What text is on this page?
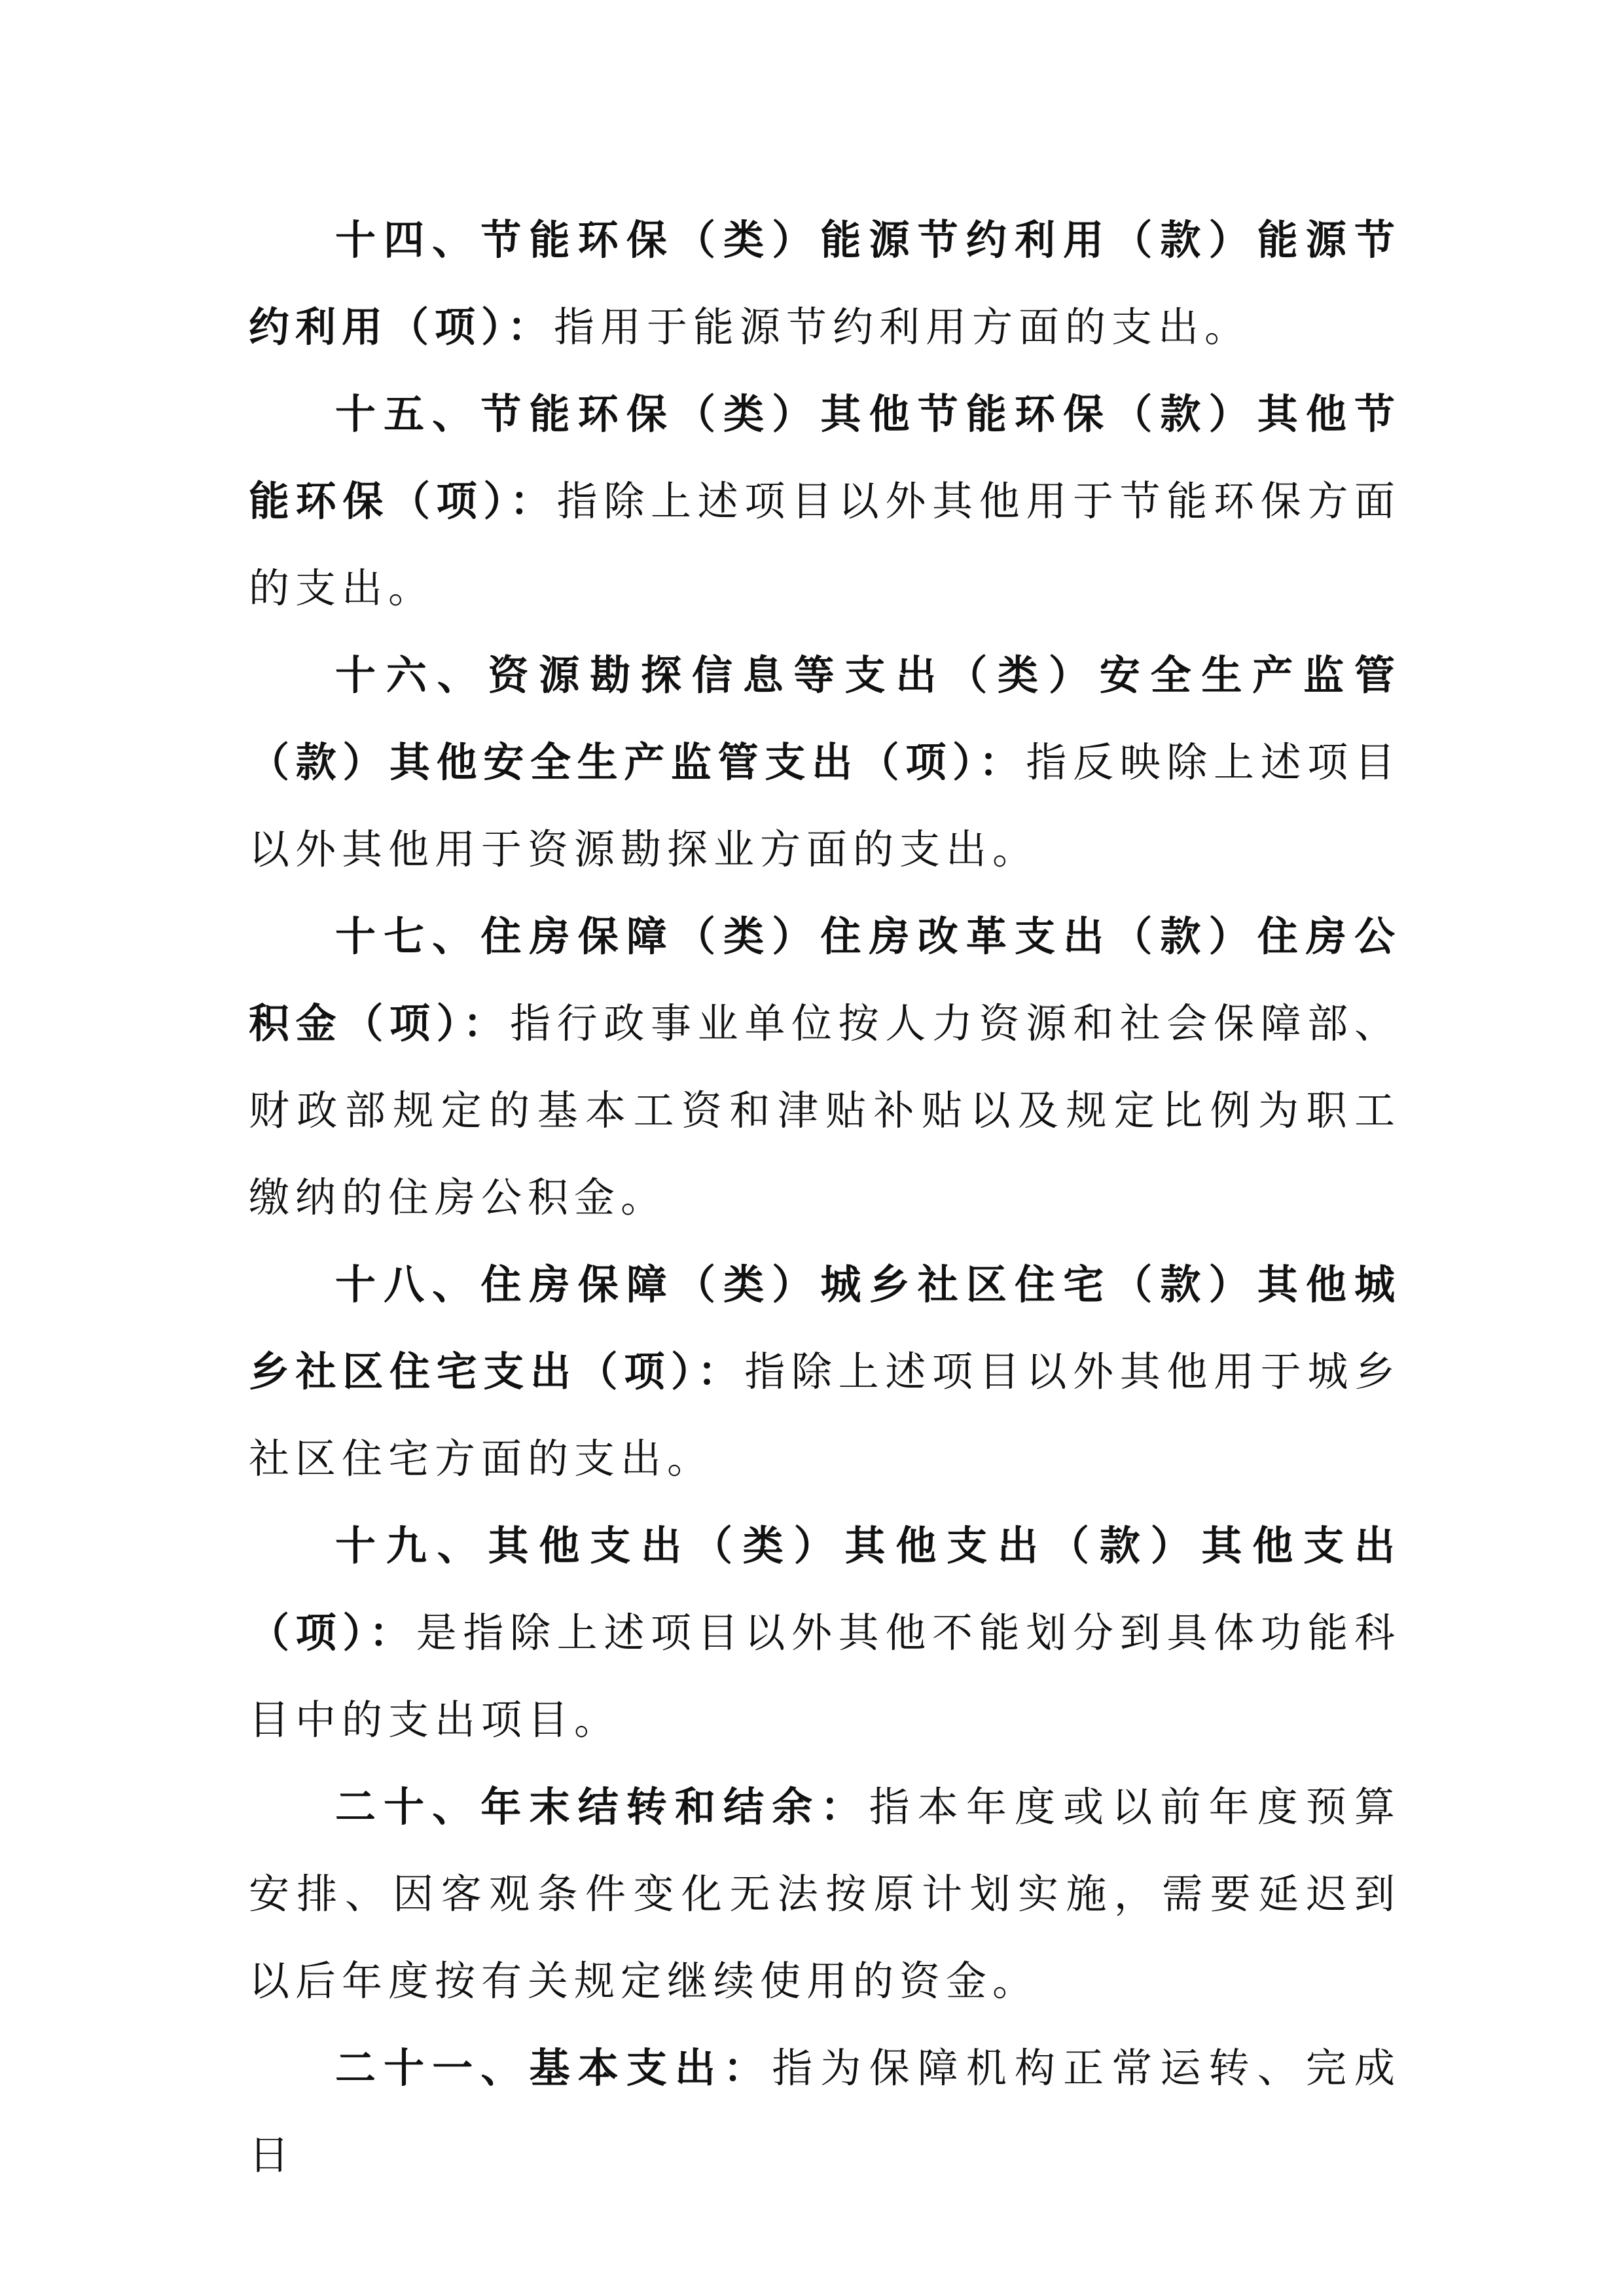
十四、节能环保（类）能源节约利用（款）能源节约利用（项）：指用于能源节约利用方面的支出。

十五、节能环保（类）其他节能环保（款）其他节能环保（项）：指除上述项目以外其他用于节能环保方面的支出。

十六、资源勘探信息等支出（类）安全生产监管（款）其他安全生产监管支出（项）：指反映除上述项目以外其他用于资源勘探业方面的支出。

十七、住房保障（类）住房改革支出（款）住房公积金（项）：指行政事业单位按人力资源和社会保障部、财政部规定的基本工资和津贴补贴以及规定比例为职工缴纳的住房公积金。

十八、住房保障（类）城乡社区住宅（款）其他城乡社区住宅支出（项）：指除上述项目以外其他用于城乡社区住宅方面的支出。

十九、其他支出（类）其他支出（款）其他支出（项）：是指除上述项目以外其他不能划分到具体功能科目中的支出项目。

二十、年末结转和结余：指本年度或以前年度预算安排、因客观条件变化无法按原计划实施，需要延迟到以后年度按有关规定继续使用的资金。

二十一、基本支出：指为保障机构正常运转、完成日
